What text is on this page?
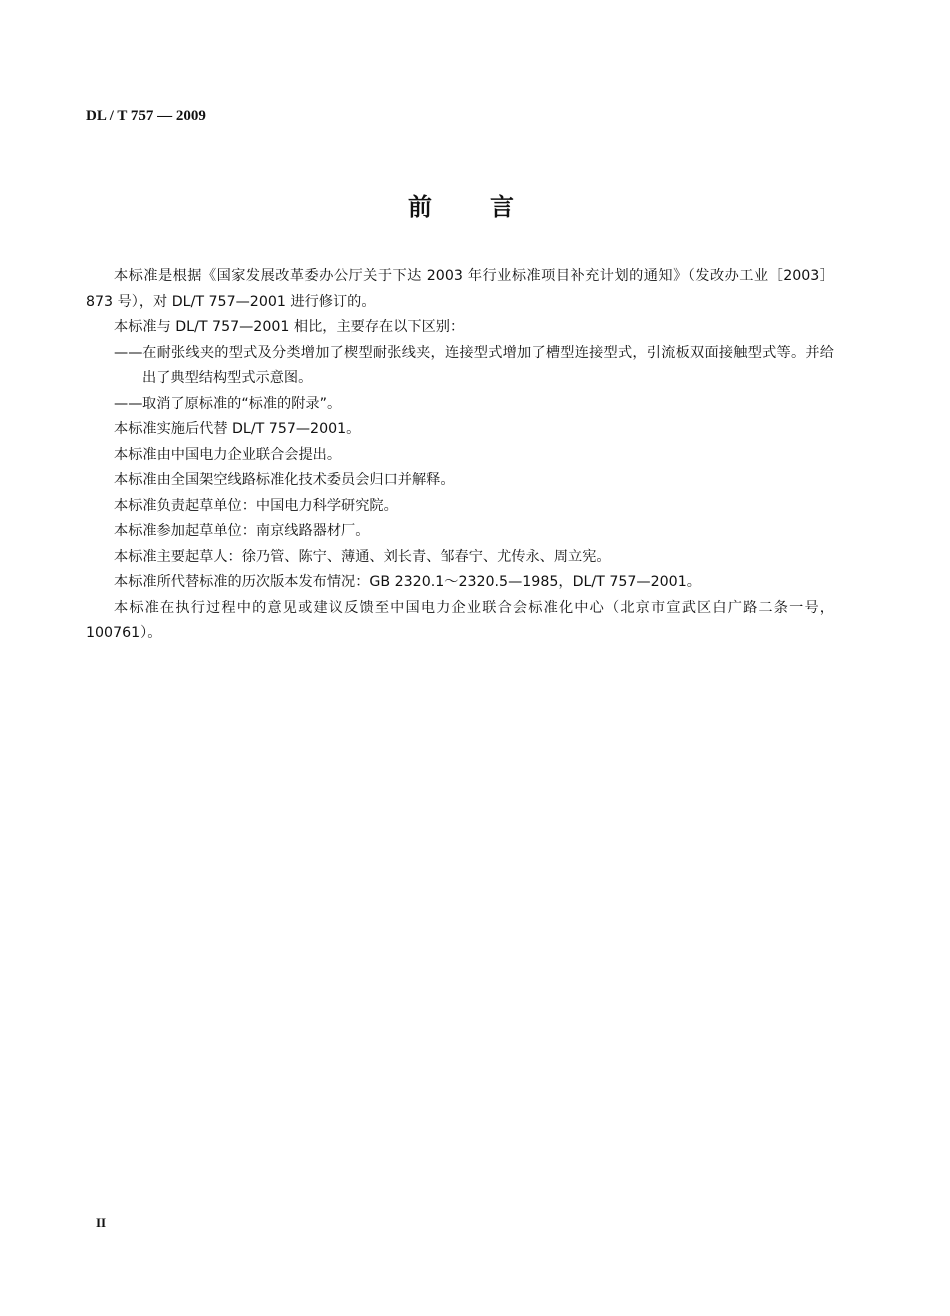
DL / T 757 — 2009
前 言

本标准是根据《国家发展改革委办公厅关于下达 2003 年行业标准项目补充计划的通知》（发改办工业［2003］873 号），对 DL/T 757—2001 进行修订的。

本标准与 DL/T 757—2001 相比，主要存在以下区别：

——在耐张线夹的型式及分类增加了楔型耐张线夹，连接型式增加了槽型连接型式，引流板双面接触型式等。并给出了典型结构型式示意图。

——取消了原标准的“标准的附录”。

本标准实施后代替 DL/T 757—2001。

本标准由中国电力企业联合会提出。

本标准由全国架空线路标准化技术委员会归口并解释。

本标准负责起草单位：中国电力科学研究院。

本标准参加起草单位：南京线路器材厂。

本标准主要起草人：徐乃管、陈宁、薄通、刘长青、邹春宁、尤传永、周立宪。

本标准所代替标准的历次版本发布情况：GB 2320.1～2320.5—1985，DL/T 757—2001。

本标准在执行过程中的意见或建议反馈至中国电力企业联合会标准化中心（北京市宣武区白广路二条一号，100761）。

II
